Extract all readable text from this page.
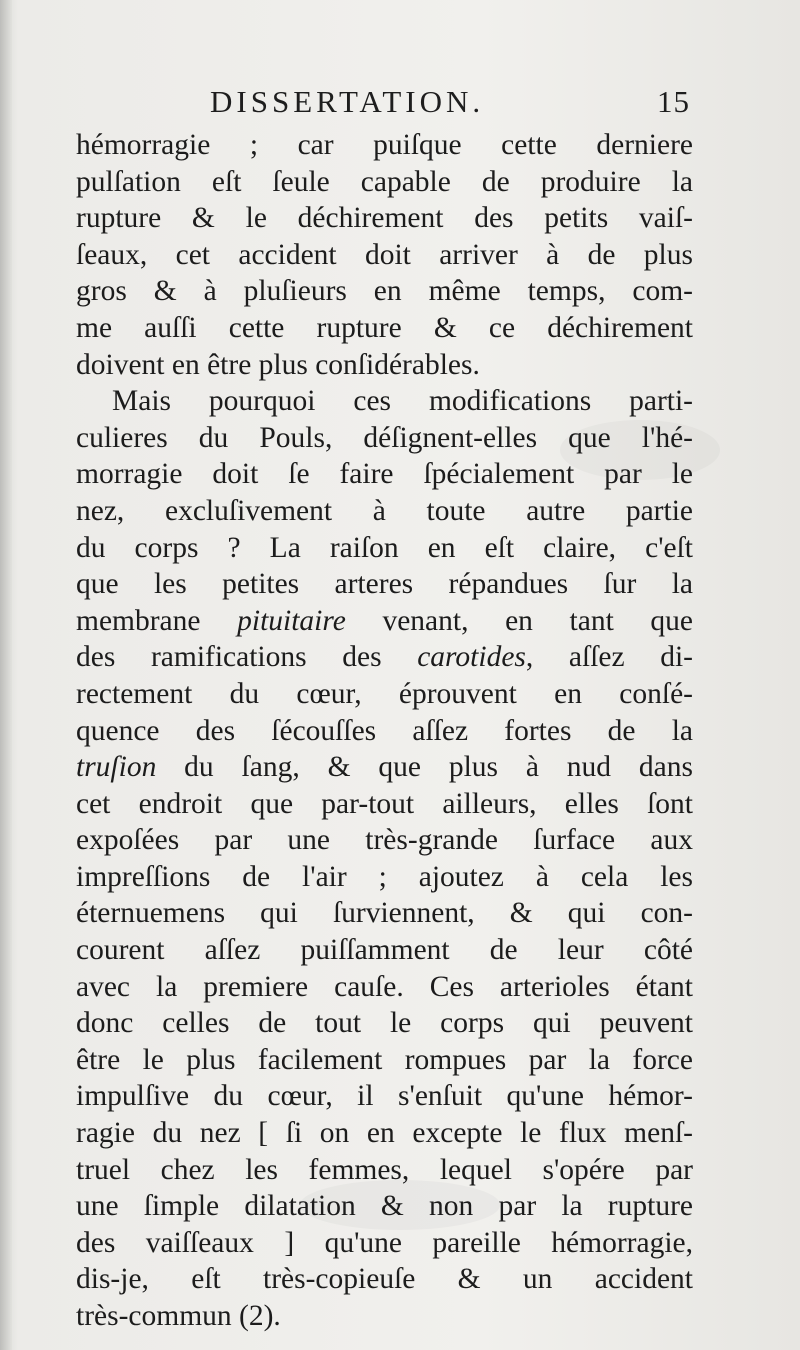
DISSERTATION.	15
hémorragie ; car puiſque cette derniere
pulſation eſt ſeule capable de produire la
rupture & le déchirement des petits vaiſ-
ſeaux, cet accident doit arriver à de plus
gros & à pluſieurs en même temps, com-
me auſſi cette rupture & ce déchirement
doivent en être plus conſidérables.
Mais pourquoi ces modifications parti-
culieres du Pouls, déſignent-elles que l'hé-
morragie doit ſe faire ſpécialement par le
nez, excluſivement à toute autre partie
du corps ? La raiſon en eſt claire, c'eſt
que les petites arteres répandues ſur la
membrane pituitaire venant, en tant que
des ramifications des carotides, aſſez di-
rectement du cœur, éprouvent en conſé-
quence des ſécouſſes aſſez fortes de la
truſion du ſang, & que plus à nud dans
cet endroit que par-tout ailleurs, elles ſont
expoſées par une très-grande ſurface aux
impreſſions de l'air ; ajoutez à cela les
éternuemens qui ſurviennent, & qui con-
courent aſſez puiſſamment de leur côté
avec la premiere cauſe. Ces arterioles étant
donc celles de tout le corps qui peuvent
être le plus facilement rompues par la force
impulſive du cœur, il s'enſuit qu'une hémor-
ragie du nez [ ſi on en excepte le flux menſ-
truel chez les femmes, lequel s'opére par
une ſimple dilatation & non par la rupture
des vaiſſeaux ] qu'une pareille hémorragie,
dis-je, eſt très-copieuſe & un accident
très-commun (2).
